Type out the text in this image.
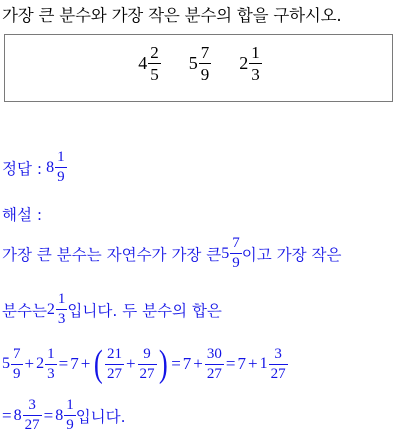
가장 큰 분수와 가장 작은 분수의 합을 구하시오.
$4 \frac{2}{5} 5 \frac{7}{9} 2 \frac{1}{3}$
정답 : $8 \frac{1}{9}$
해설 :
가장 큰 분수는 자연수가 가장 큰 $5 \frac{7}{9}$ 이고 가장 작은
분수는 $2 \frac{1}{3}$ 입니다. 두 분수의 합은
$5 \frac{7}{9} + 2 \frac{1}{3} = 7$ + ( $\frac{21}{27} + \frac{9}{27}$ ) = $7 + \frac{30}{27} = 7 + 1 \frac{3}{27}$
= $8 \frac{3}{27} = 8 \frac{1}{9}$ 입니다.
